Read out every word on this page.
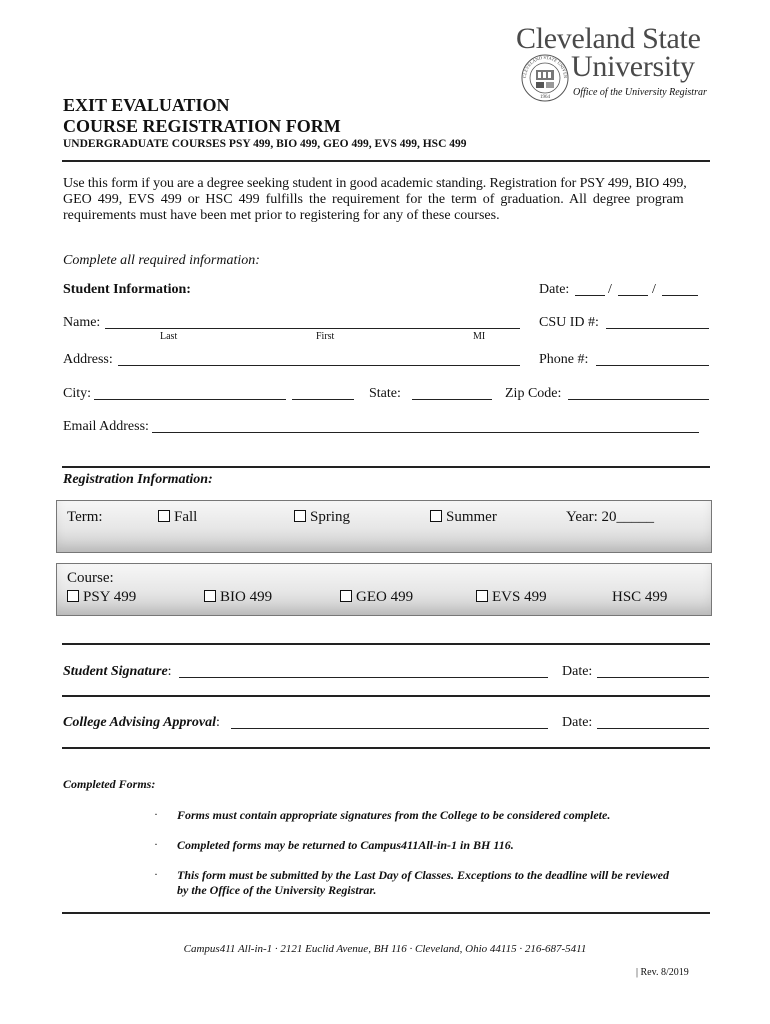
Cleveland State
University
CLEVELAND STATE UNIVER
1964 Office of the University Registrar
EXIT EVALUATION
COURSE REGISTRATION FORM
UNDERGRADUATE COURSES PSY 499, BIO 499, GEO 499, EVS 499, HSC 499
Use this form if you are a degree seeking student in good academic standing. Registration for PSY 499, BIO 499,
GEO 499, EVS 499 or HSC 499 fulfills the requirement for the term of graduation. All degree program
requirements must have been met prior to registering for any of these courses.
Complete all required information:
Student Information:	Date:	/	/
Name:
Last	First	MI
CSU ID #:
Address:	Phone #:
City:	State:	Zip Code:
Email Address:
Registration Information:
Term:	Fall	Spring	Summer	Year: 20_____
Course:
PSY 499	BIO 499	GEO 499	EVS 499	HSC 499
Student Signature:	Date:
College Advising Approval:	Date:
Completed Forms:
· Forms must contain appropriate signatures from the College to be considered complete.
· Completed forms may be returned to Campus411All-in-1 in BH 116.
· This form must be submitted by the Last Day of Classes. Exceptions to the deadline will be reviewed
by the Office of the University Registrar.
Campus411 All-in-1 · 2121 Euclid Avenue, BH 116 · Cleveland, Ohio 44115 · 216-687-5411
| Rev. 8/2019
